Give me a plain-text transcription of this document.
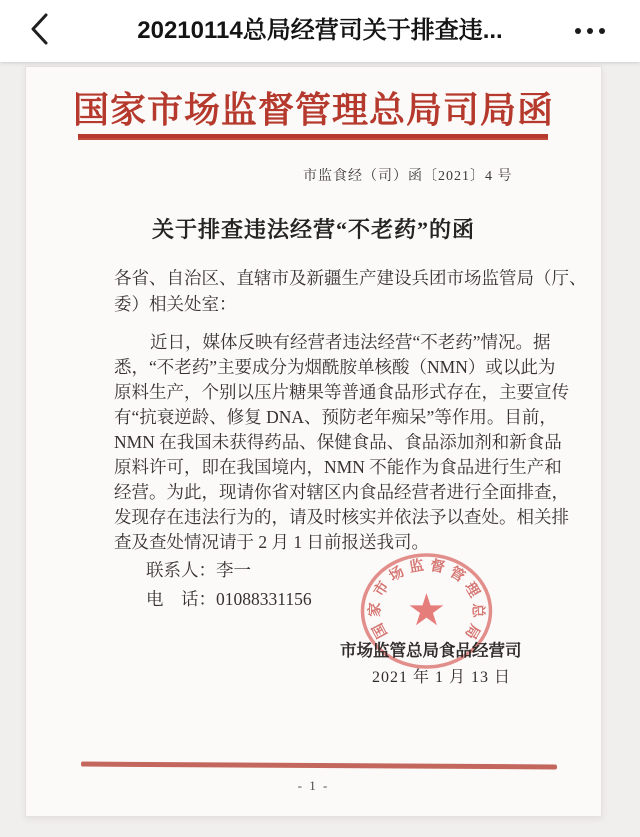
20210114总局经营司关于排查违...
国家市场监督管理总局司局函
市监食经（司）函〔2021〕4 号
关于排查违法经营“不老药”的函
各省、自治区、直辖市及新疆生产建设兵团市场监管局（厅、
委）相关处室：
近日，媒体反映有经营者违法经营“不老药”情况。据
悉，“不老药”主要成分为烟酰胺单核酸（NMN）或以此为
原料生产，个别以压片糖果等普通食品形式存在，主要宣传
有“抗衰逆龄、修复 DNA、预防老年痴呆”等作用。目前，
NMN 在我国未获得药品、保健食品、食品添加剂和新食品
原料许可，即在我国境内，NMN 不能作为食品进行生产和
经营。为此，现请你省对辖区内食品经营者进行全面排查，
发现存在违法行为的，请及时核实并依法予以查处。相关排
查及查处情况请于 2 月 1 日前报送我司。
联系人：李一
电　话：01088331156
国家市场监督管理总局
★
市场监管总局食品经营司
2021 年 1 月 13 日
- 1 -
